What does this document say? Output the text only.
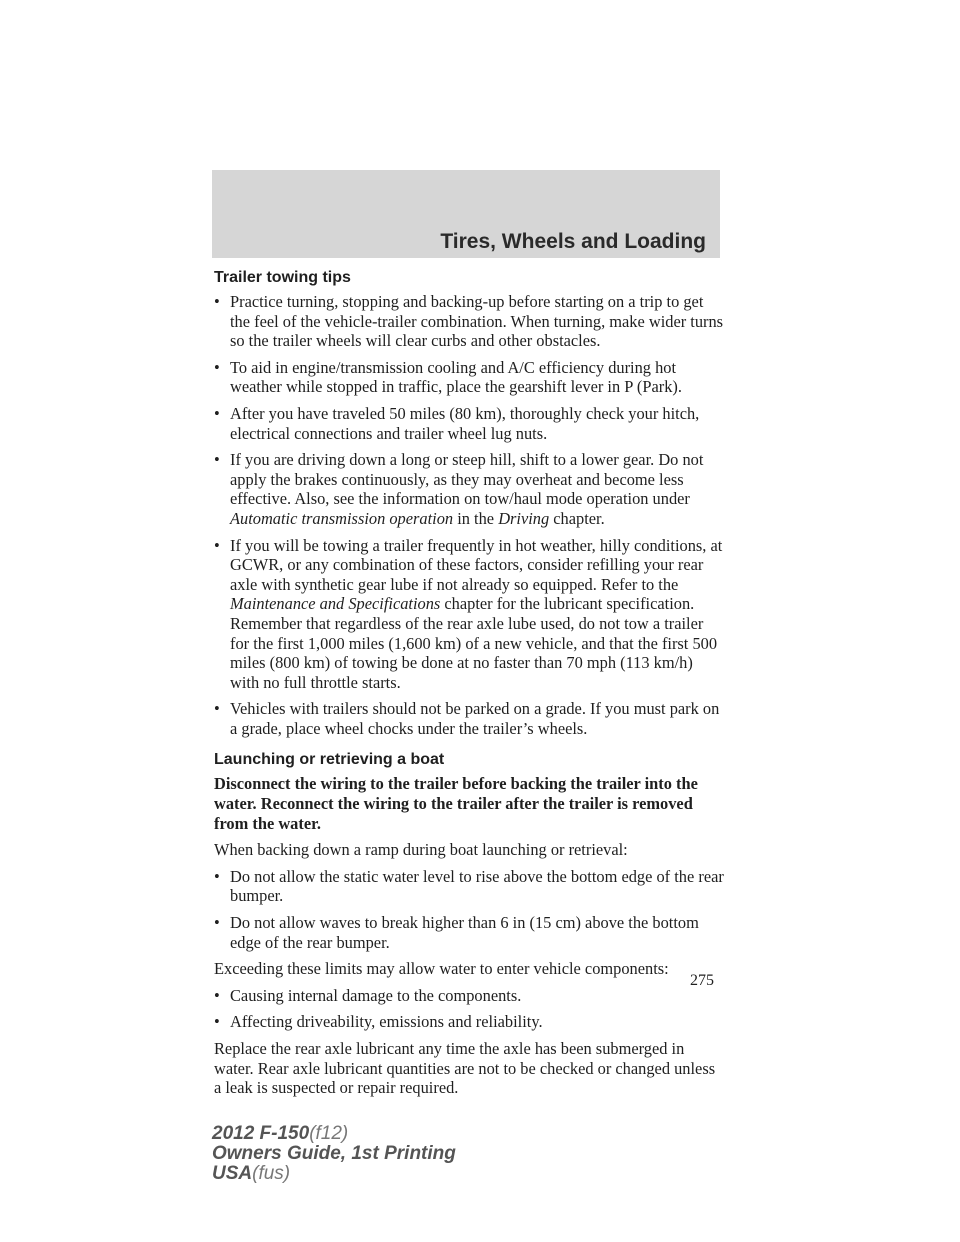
Tires, Wheels and Loading
Trailer towing tips
• Practice turning, stopping and backing-up before starting on a trip to get the feel of the vehicle-trailer combination. When turning, make wider turns so the trailer wheels will clear curbs and other obstacles.
• To aid in engine/transmission cooling and A/C efficiency during hot weather while stopped in traffic, place the gearshift lever in P (Park).
• After you have traveled 50 miles (80 km), thoroughly check your hitch, electrical connections and trailer wheel lug nuts.
• If you are driving down a long or steep hill, shift to a lower gear. Do not apply the brakes continuously, as they may overheat and become less effective. Also, see the information on tow/haul mode operation under Automatic transmission operation in the Driving chapter.
• If you will be towing a trailer frequently in hot weather, hilly conditions, at GCWR, or any combination of these factors, consider refilling your rear axle with synthetic gear lube if not already so equipped. Refer to the Maintenance and Specifications chapter for the lubricant specification. Remember that regardless of the rear axle lube used, do not tow a trailer for the first 1,000 miles (1,600 km) of a new vehicle, and that the first 500 miles (800 km) of towing be done at no faster than 70 mph (113 km/h) with no full throttle starts.
• Vehicles with trailers should not be parked on a grade. If you must park on a grade, place wheel chocks under the trailer’s wheels.
Launching or retrieving a boat

Disconnect the wiring to the trailer before backing the trailer into the water. Reconnect the wiring to the trailer after the trailer is removed from the water.

When backing down a ramp during boat launching or retrieval:

• Do not allow the static water level to rise above the bottom edge of the rear bumper.
• Do not allow waves to break higher than 6 in (15 cm) above the bottom edge of the rear bumper.

Exceeding these limits may allow water to enter vehicle components:

• Causing internal damage to the components.
• Affecting driveability, emissions and reliability.

Replace the rear axle lubricant any time the axle has been submerged in water. Rear axle lubricant quantities are not to be checked or changed unless a leak is suspected or repair required.

275
2012 F-150(f12)
Owners Guide, 1st Printing
USA(fus)
